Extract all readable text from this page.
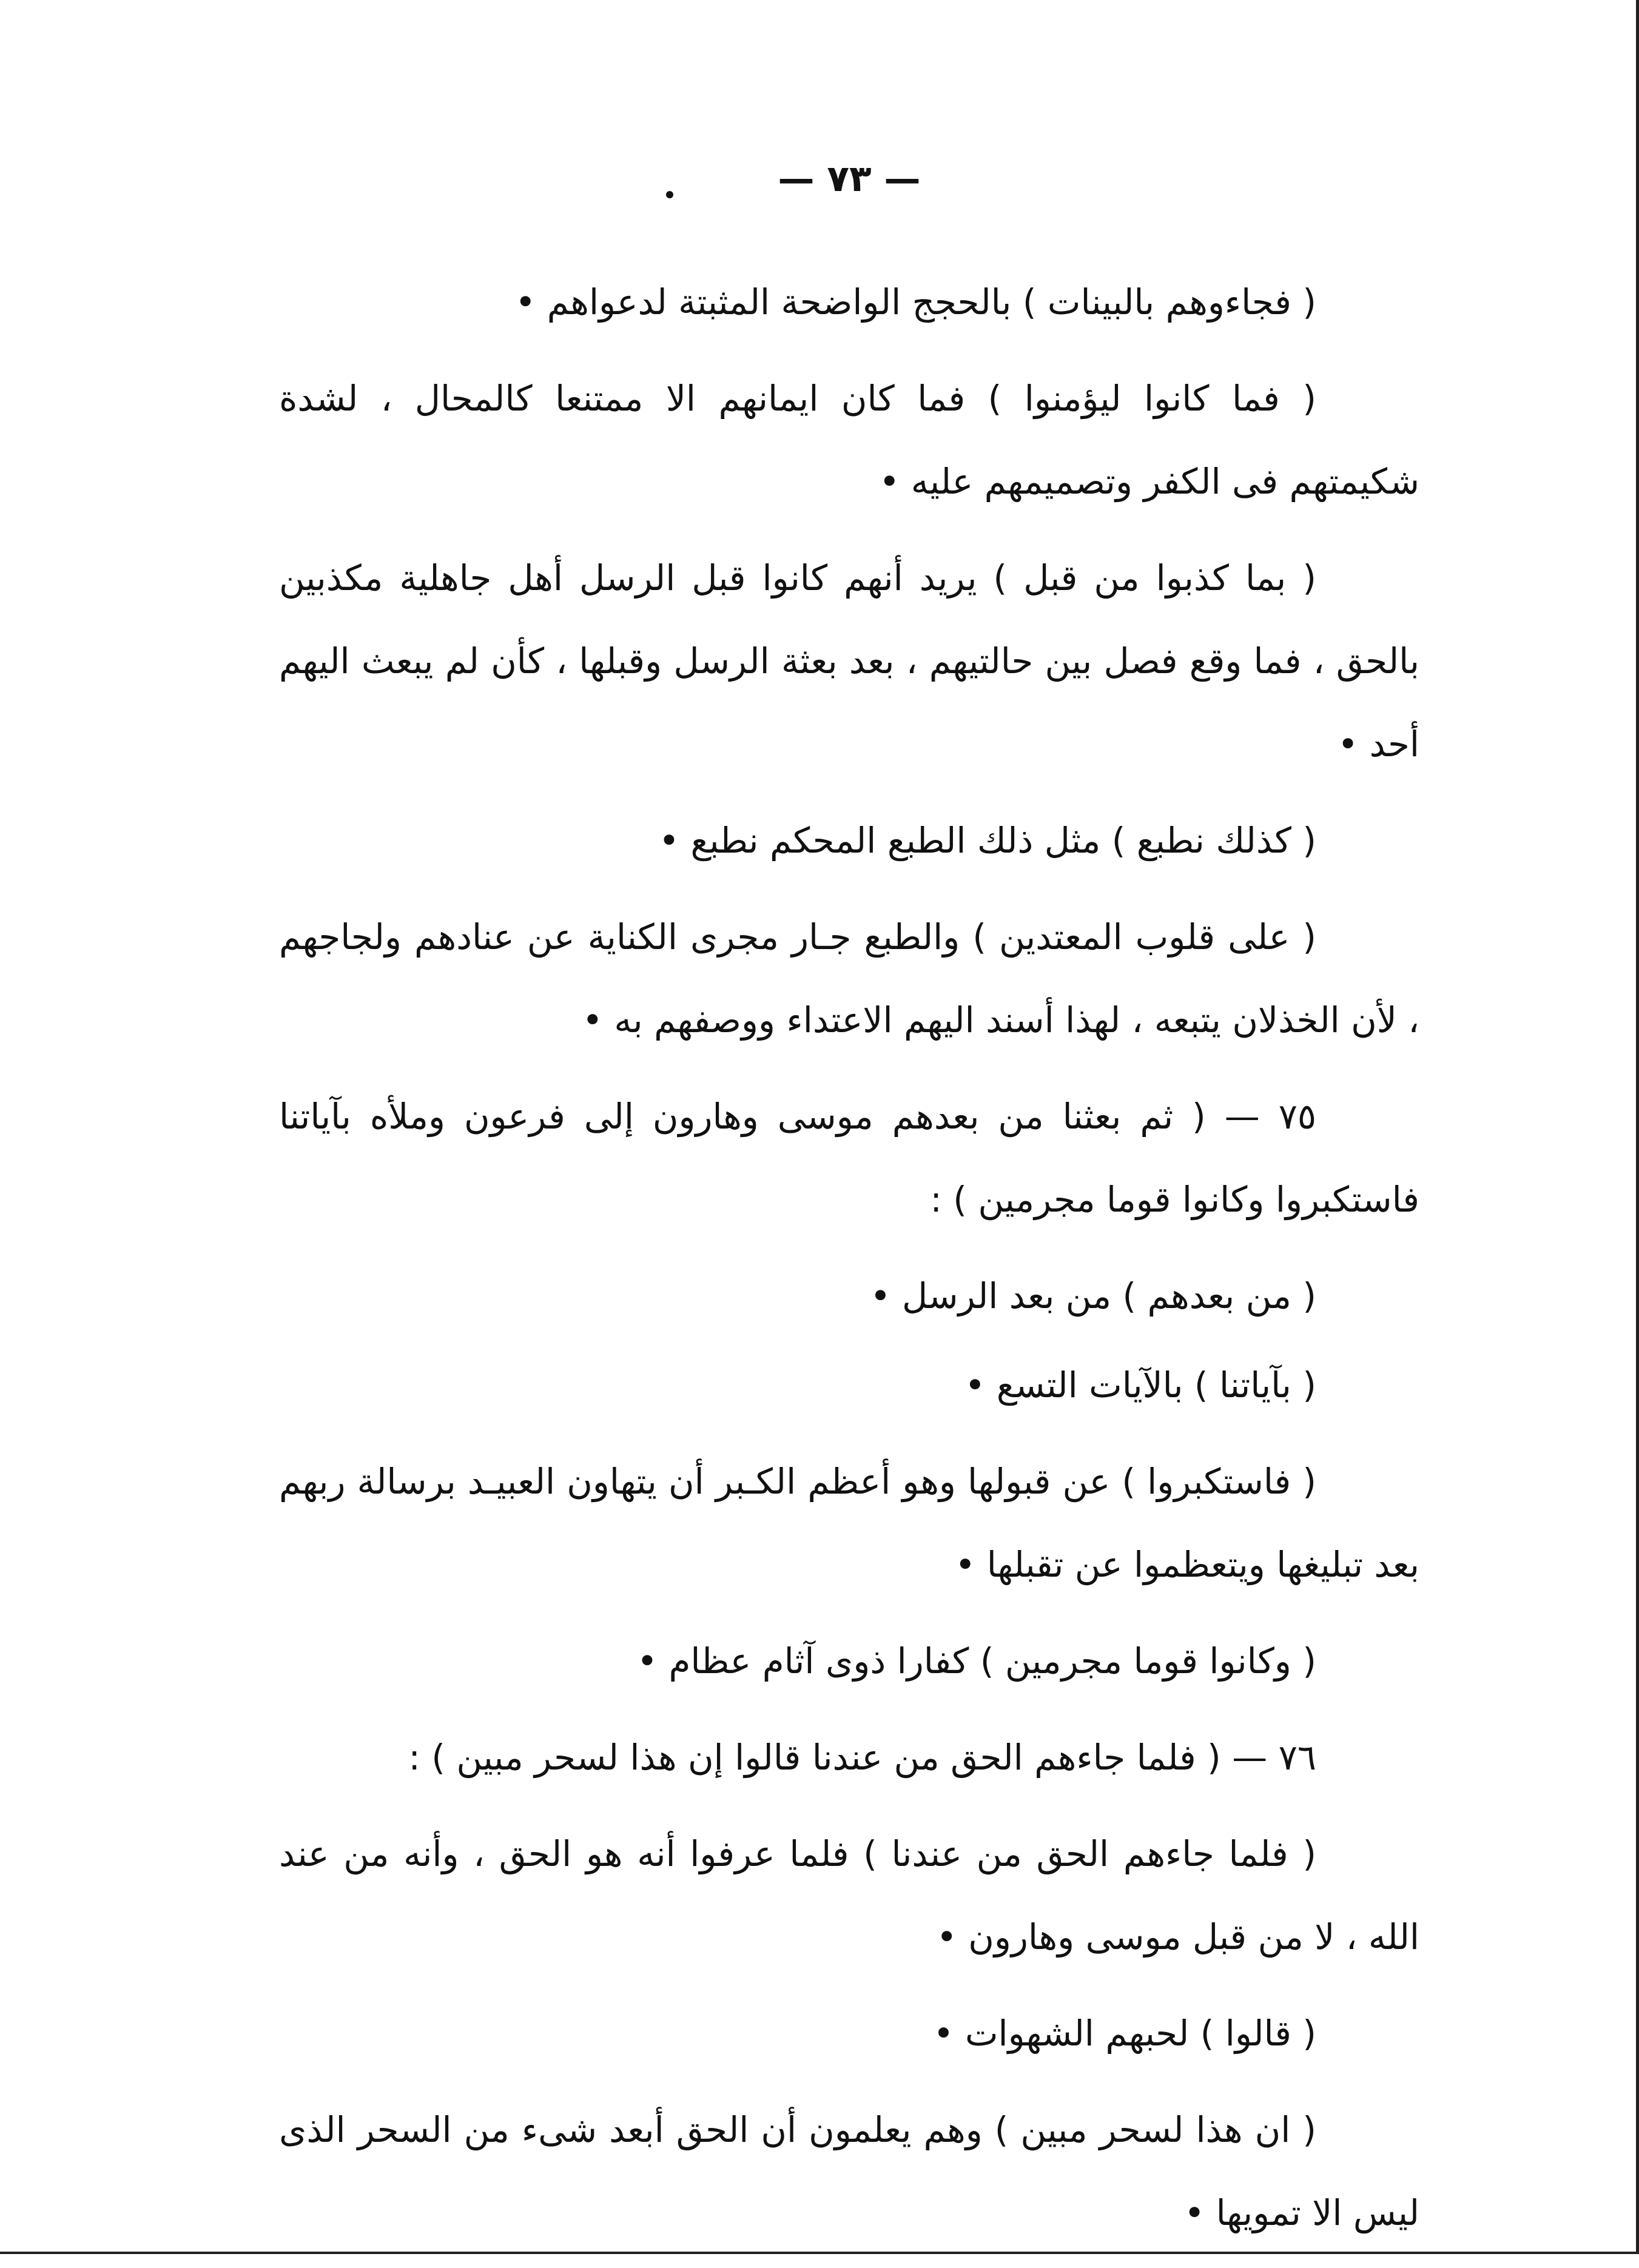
— ٧٣ —

( فجاءوهم بالبينات ) بالحجج الواضحة المثبتة لدعواهم •

( فما كانوا ليؤمنوا ) فما كان ايمانهم الا ممتنعا كالمحال ، لشدة شكيمتهم فى الكفر وتصميمهم عليه •

( بما كذبوا من قبل ) يريد أنهم كانوا قبل الرسل أهل جاهلية مكذبين بالحق ، فما وقع فصل بين حالتيهم ، بعد بعثة الرسل وقبلها ، كأن لم يبعث اليهم أحد •

( كذلك نطبع ) مثل ذلك الطبع المحكم نطبع •

( على قلوب المعتدين ) والطبع جـار مجرى الكناية عن عنادهم ولجاجهم ، لأن الخذلان يتبعه ، لهذا أسند اليهم الاعتداء ووصفهم به •

٧٥ — ( ثم بعثنا من بعدهم موسى وهارون إلى فرعون وملأه بآياتنا فاستكبروا وكانوا قوما مجرمين ) :

( من بعدهم ) من بعد الرسل •

( بآياتنا ) بالآيات التسع •

( فاستكبروا ) عن قبولها وهو أعظم الكـبر أن يتهاون العبيـد برسالة ربهم بعد تبليغها ويتعظموا عن تقبلها •

( وكانوا قوما مجرمين ) كفارا ذوى آثام عظام •

٧٦ — ( فلما جاءهم الحق من عندنا قالوا إن هذا لسحر مبين ) :

( فلما جاءهم الحق من عندنا ) فلما عرفوا أنه هو الحق ، وأنه من عند الله ، لا من قبل موسى وهارون •

( قالوا ) لحبهم الشهوات •

( ان هذا لسحر مبين ) وهم يعلمون أن الحق أبعد شىء من السحر الذى ليس الا تمويها •
